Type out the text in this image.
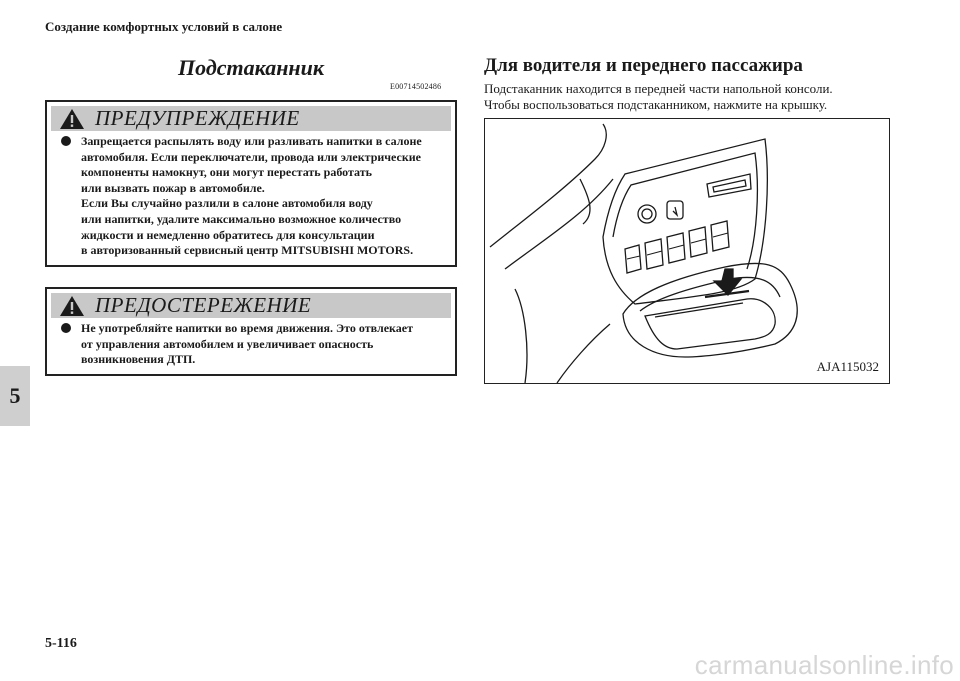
Создание комфортных условий в салоне
5
Подстаканник
E00714502486
ПРЕДУПРЕЖДЕНИЕ
Запрещается распылять воду или разливать напитки в салоне
автомобиля. Если переключатели, провода или электрические
компоненты намокнут, они могут перестать работать
или вызвать пожар в автомобиле.
Если Вы случайно разлили в салоне автомобиля воду
или напитки, удалите максимально возможное количество
жидкости и немедленно обратитесь для консультации
в авторизованный сервисный центр MITSUBISHI MOTORS.
ПРЕДОСТЕРЕЖЕНИЕ
Не употребляйте напитки во время движения. Это отвлекает
от управления автомобилем и увеличивает опасность
возникновения ДТП.
Для водителя и переднего пассажира
Подстаканник находится в передней части напольной консоли.
Чтобы воспользоваться подстаканником, нажмите на крышку.
AJA115032
5-116
carmanualsonline.info
